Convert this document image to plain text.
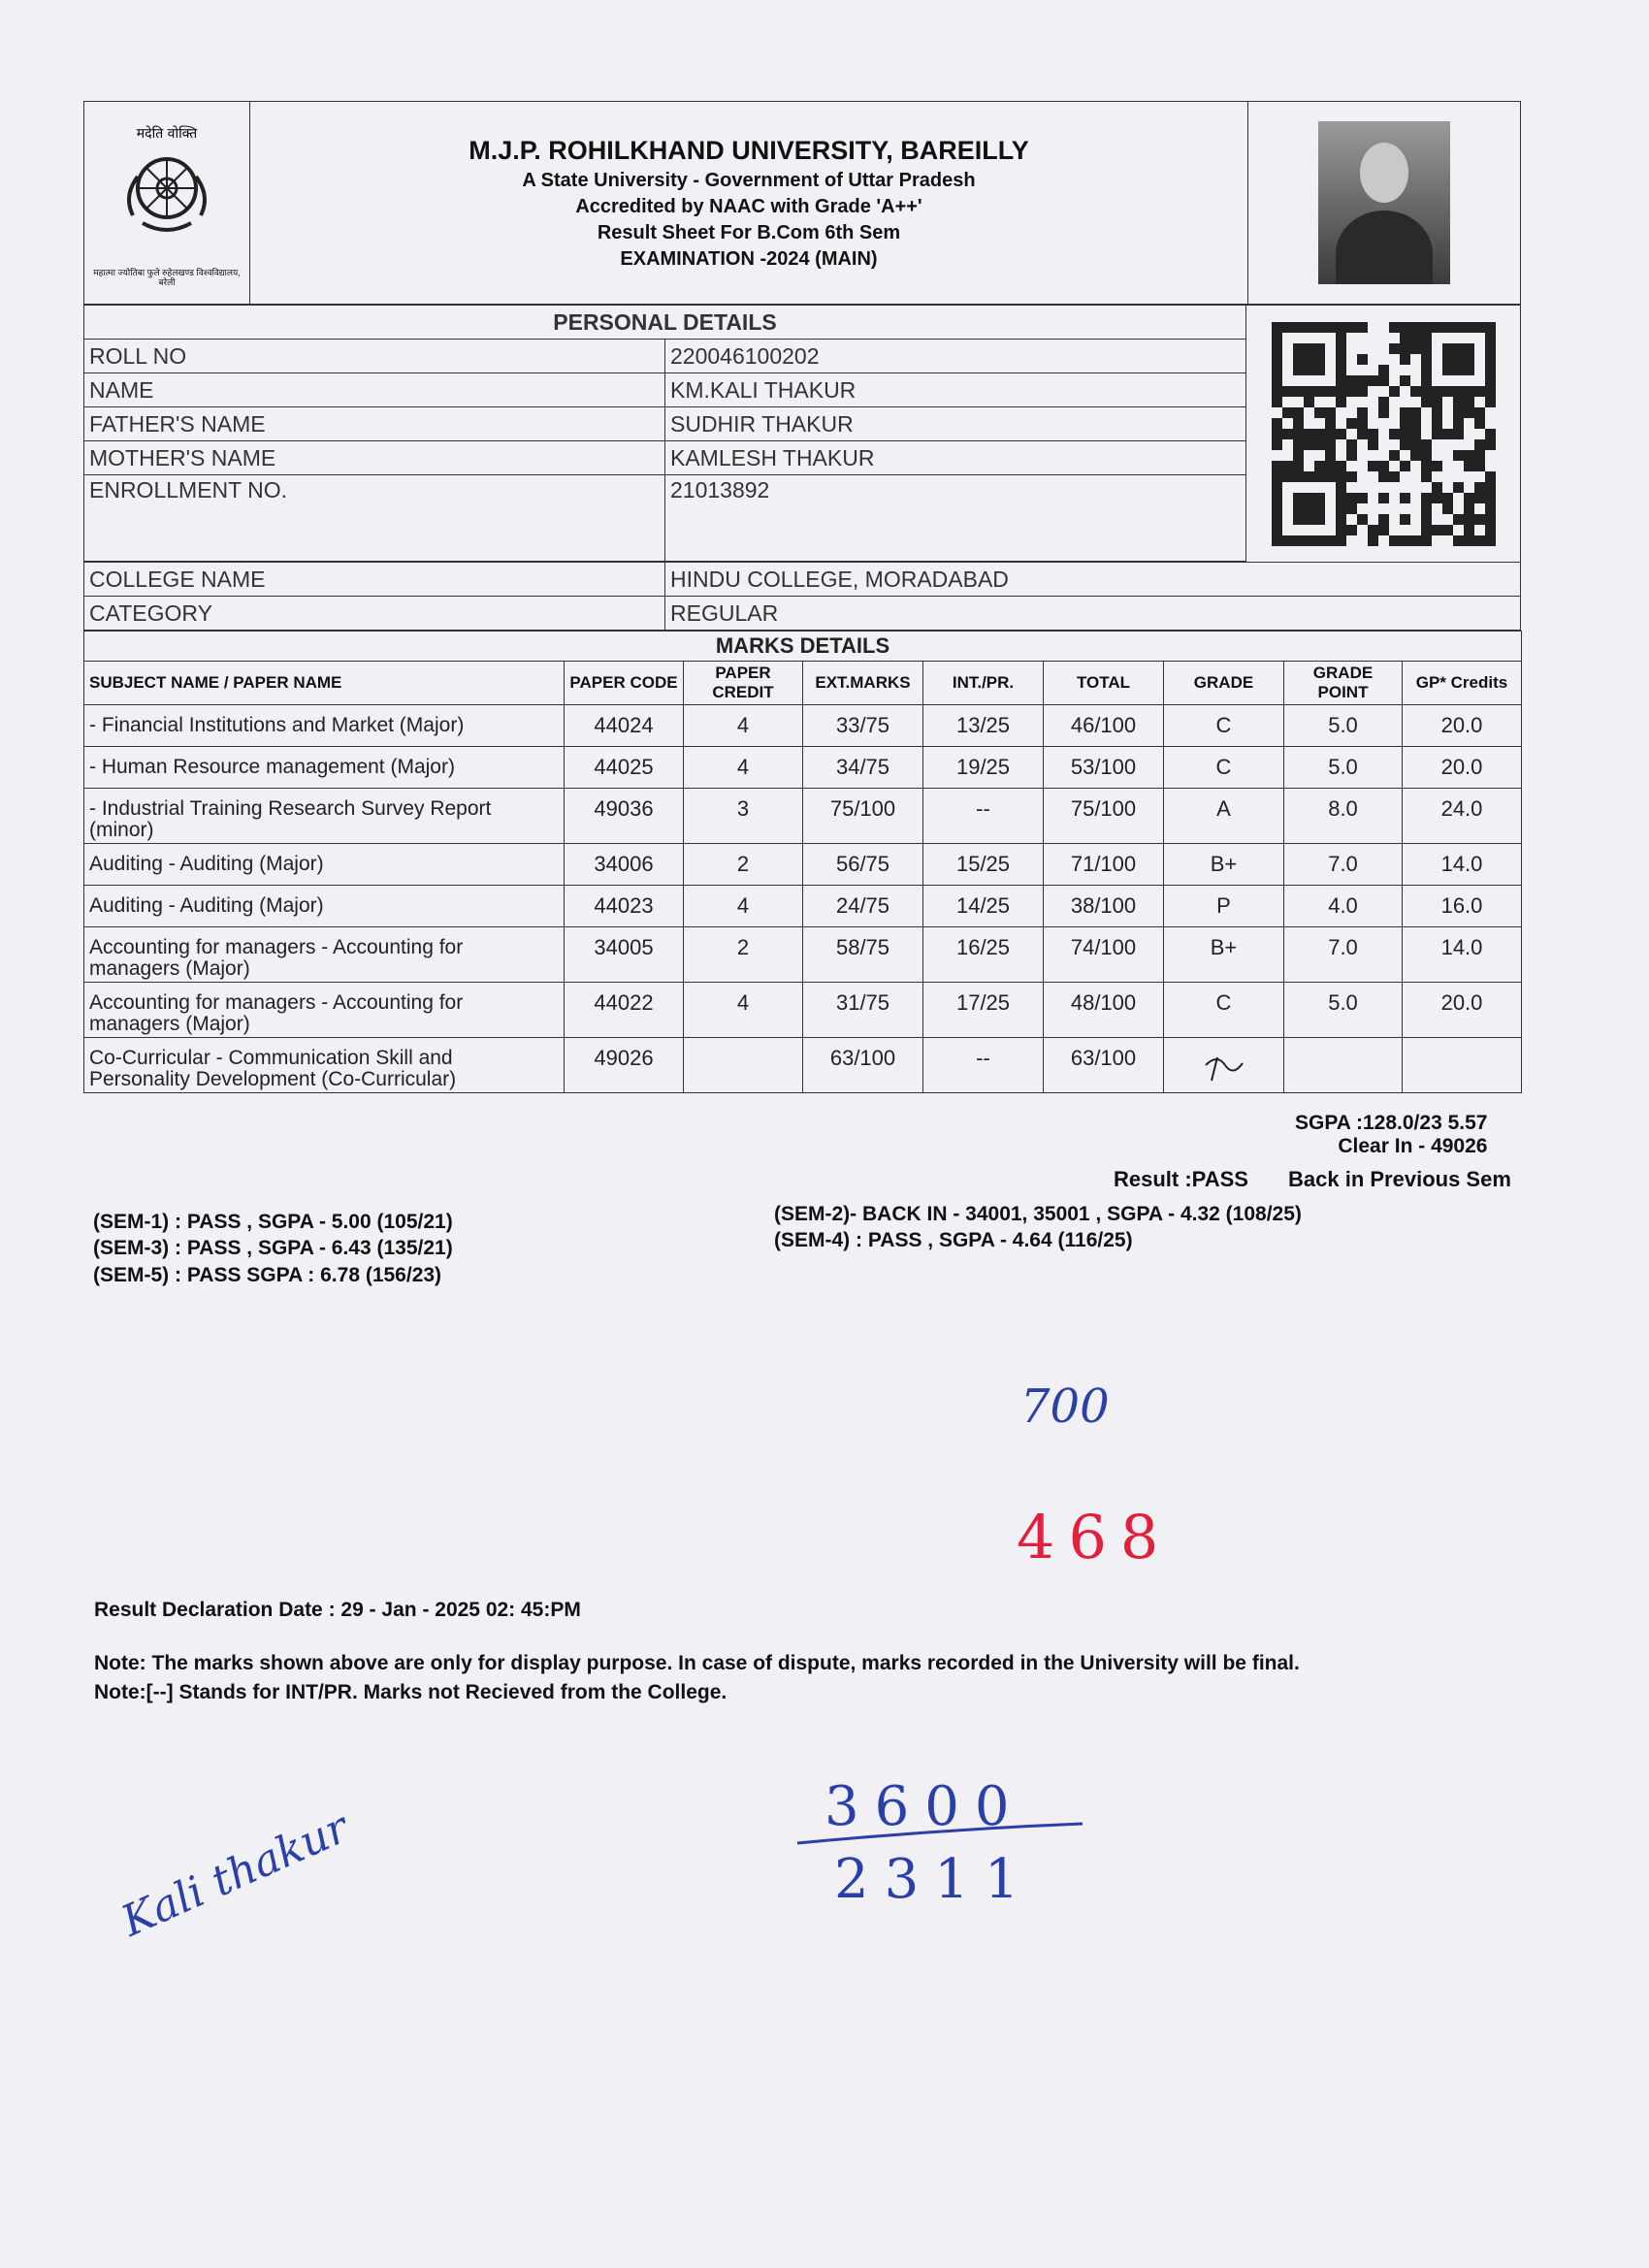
मदेति वोक्ति
महात्मा ज्योतिबा फुले रुहेलखण्ड विश्वविद्यालय, बरेली

M.J.P. ROHILKHAND UNIVERSITY, BAREILLY
A State University - Government of Uttar Pradesh
Accredited by NAAC with Grade 'A++'
Result Sheet For B.Com 6th Sem
EXAMINATION -2024 (MAIN)

PERSONAL DETAILS		

ROLL NO	220046100202	
NAME	KM.KALI THAKUR	
FATHER'S NAME	SUDHIR THAKUR	
MOTHER'S NAME	KAMLESH THAKUR	
ENROLLMENT NO.	21013892	

COLLEGE NAME	HINDU COLLEGE, MORADABAD	
CATEGORY	REGULAR	
MARKS DETAILS								
SUBJECT NAME / PAPER NAME	PAPER CODE	PAPER CREDIT	EXT.MARKS	INT./PR.	TOTAL	GRADE	GRADE POINT	GP* Credits
- Financial Institutions and Market (Major)	44024	4	33/75	13/25	46/100	C	5.0	20.0
- Human Resource management (Major)	44025	4	34/75	19/25	53/100	C	5.0	20.0
- Industrial Training Research Survey Report (minor)	49036	3	75/100	--	75/100	A	8.0	24.0
Auditing - Auditing (Major)	34006	2	56/75	15/25	71/100	B+	7.0	14.0
Auditing - Auditing (Major)	44023	4	24/75	14/25	38/100	P	4.0	16.0
Accounting for managers - Accounting for managers (Major)	34005	2	58/75	16/25	74/100	B+	7.0	14.0
Accounting for managers - Accounting for managers (Major)	44022	4	31/75	17/25	48/100	C	5.0	20.0
Co-Curricular - Communication Skill and Personality Development (Co-Curricular)	49026		63/100	--	63/100			
SGPA :128.0/23 5.57
Clear In - 49026
Result :PASS Back in Previous Sem
(SEM-1) : PASS , SGPA - 5.00 (105/21)
(SEM-3) : PASS , SGPA - 6.43 (135/21)
(SEM-5) : PASS SGPA : 6.78 (156/23)
(SEM-2)- BACK IN - 34001, 35001 , SGPA - 4.32 (108/25)
(SEM-4) : PASS , SGPA - 4.64 (116/25)
Result Declaration Date : 29 - Jan - 2025 02: 45:PM
Note: The marks shown above are only for display purpose. In case of dispute, marks recorded in the University will be final.
Note:[--] Stands for INT/PR. Marks not Recieved from the College.
700
468
3600
2311
Kali thakur
